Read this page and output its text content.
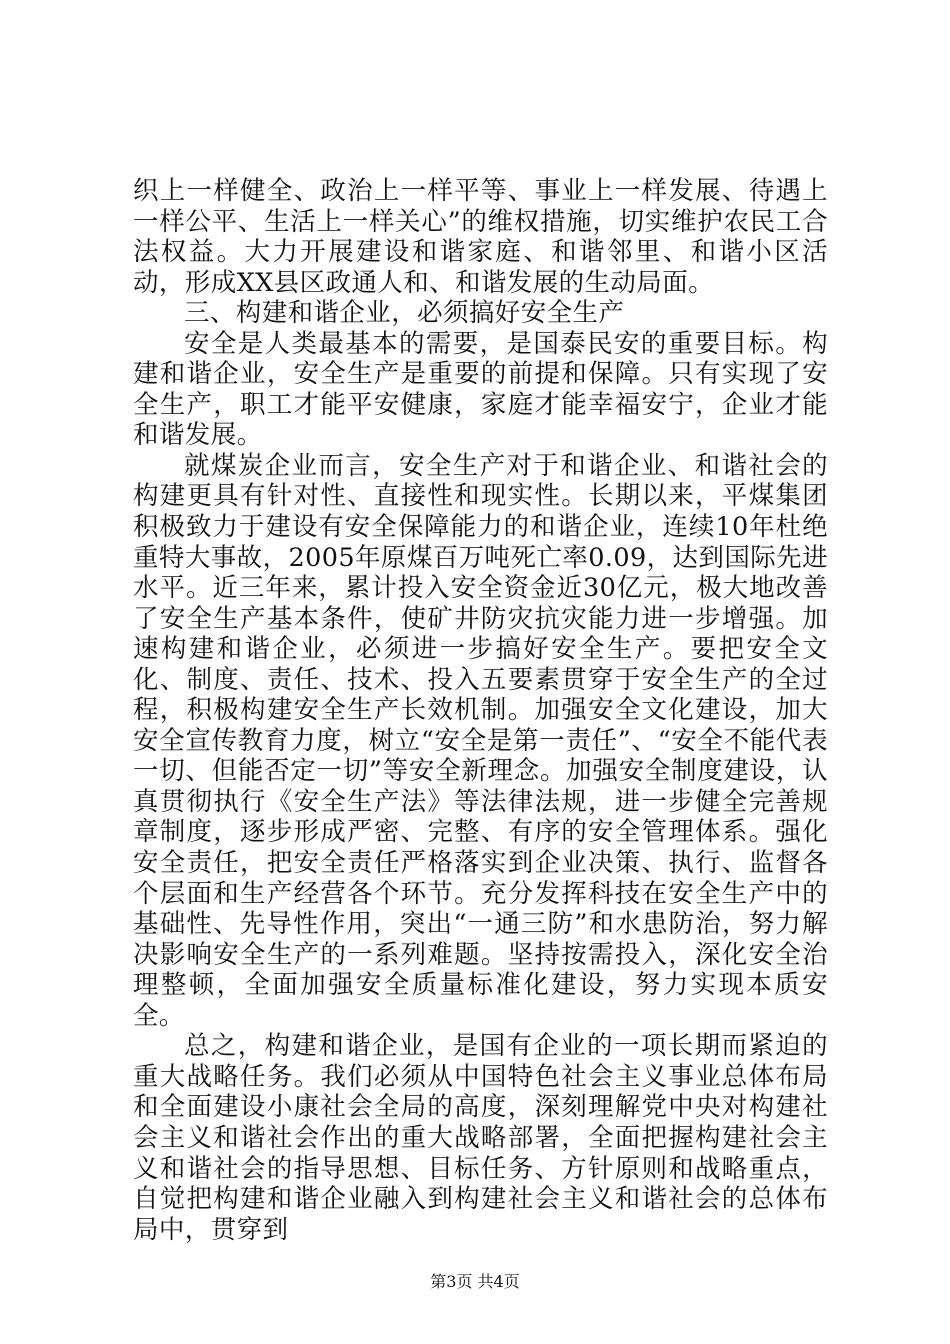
织上一样健全、政治上一样平等、事业上一样发展、待遇上一样公平、生活上一样关心”的维权措施，切实维护农民工合法权益。大力开展建设和谐家庭、和谐邻里、和谐小区活动，形成XX县区政通人和、和谐发展的生动局面。

三、构建和谐企业，必须搞好安全生产

安全是人类最基本的需要，是国泰民安的重要目标。构建和谐企业，安全生产是重要的前提和保障。只有实现了安全生产，职工才能平安健康，家庭才能幸福安宁，企业才能和谐发展。

就煤炭企业而言，安全生产对于和谐企业、和谐社会的构建更具有针对性、直接性和现实性。长期以来，平煤集团积极致力于建设有安全保障能力的和谐企业，连续10年杜绝重特大事故，2005年原煤百万吨死亡率0.09，达到国际先进水平。近三年来，累计投入安全资金近30亿元，极大地改善了安全生产基本条件，使矿井防灾抗灾能力进一步增强。加速构建和谐企业，必须进一步搞好安全生产。要把安全文化、制度、责任、技术、投入五要素贯穿于安全生产的全过程，积极构建安全生产长效机制。加强安全文化建设，加大安全宣传教育力度，树立“安全是第一责任”、“安全不能代表一切、但能否定一切”等安全新理念。加强安全制度建设，认真贯彻执行《安全生产法》等法律法规，进一步健全完善规章制度，逐步形成严密、完整、有序的安全管理体系。强化安全责任，把安全责任严格落实到企业决策、执行、监督各个层面和生产经营各个环节。充分发挥科技在安全生产中的基础性、先导性作用，突出“一通三防”和水患防治，努力解决影响安全生产的一系列难题。坚持按需投入，深化安全治理整顿，全面加强安全质量标准化建设，努力实现本质安全。

总之，构建和谐企业，是国有企业的一项长期而紧迫的重大战略任务。我们必须从中国特色社会主义事业总体布局和全面建设小康社会全局的高度，深刻理解党中央对构建社会主义和谐社会作出的重大战略部署，全面把握构建社会主义和谐社会的指导思想、目标任务、方针原则和战略重点，自觉把构建和谐企业融入到构建社会主义和谐社会的总体布局中，贯穿到

第3页 共4页
